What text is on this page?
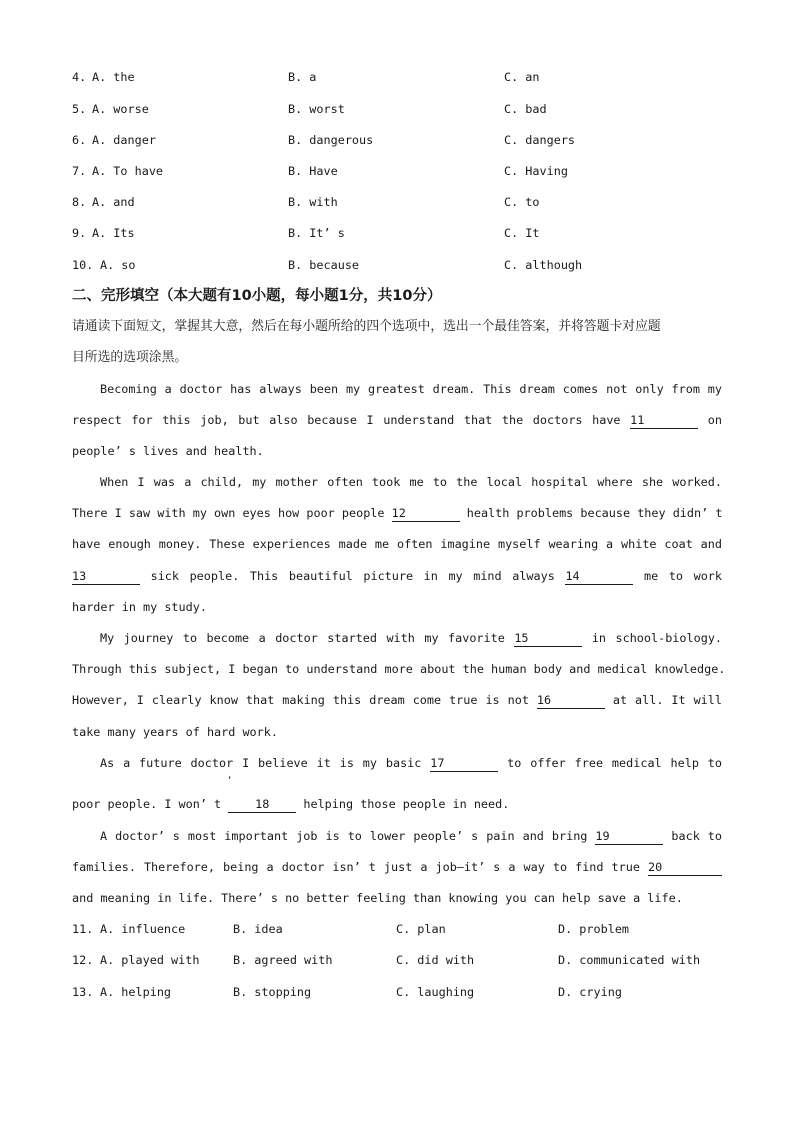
4. A. the	B. a	C. an
5. A. worse	B. worst	C. bad
6. A. danger	B. dangerous	C. dangers
7. A. To have	B. Have	C. Having
8. A. and	B. with	C. to
9. A. Its	B. It’ s	C. It
10. A. so	B. because	C. although
二、完形填空（本大题有10小题，每小题1分，共10分）
请通读下面短文，掌握其大意，然后在每小题所给的四个选项中，选出一个最佳答案，并将答题卡对应题
目所选的选项涂黑。
Becoming a doctor has always been my greatest dream. This dream comes not only from my
respect for this job, but also because I understand that the doctors have 11	on
people’ s lives and health.
When I was a child, my mother often took me to the local hospital where she worked.
There I saw with my own eyes how poor people 12	health problems because they didn’ t
have enough money. These experiences made me often imagine myself wearing a white coat and
13	sick people. This beautiful picture in my mind always 14	me to work
harder in my study.
My journey to become a doctor started with my favorite 15	in school-biology.
Through this subject, I began to understand more about the human body and medical knowledge.
However, I clearly know that making this dream come true is not 16	at all. It will
take many years of hard work.
As a future doctor I believe it is my basic 17	to offer free medical help to
,
poor people. I won’ t	18	helping those people in need.
A doctor’ s most important job is to lower people’ s pain and bring 19	back to
families. Therefore, being a doctor isn’ t just a job—it’ s a way to find true 20
and meaning in life. There’ s no better feeling than knowing you can help save a life.
11. A. influence	B. idea	C. plan	D. problem
12. A. played with	B. agreed with	C. did with	D. communicated with
13. A. helping	B. stopping	C. laughing	D. crying
